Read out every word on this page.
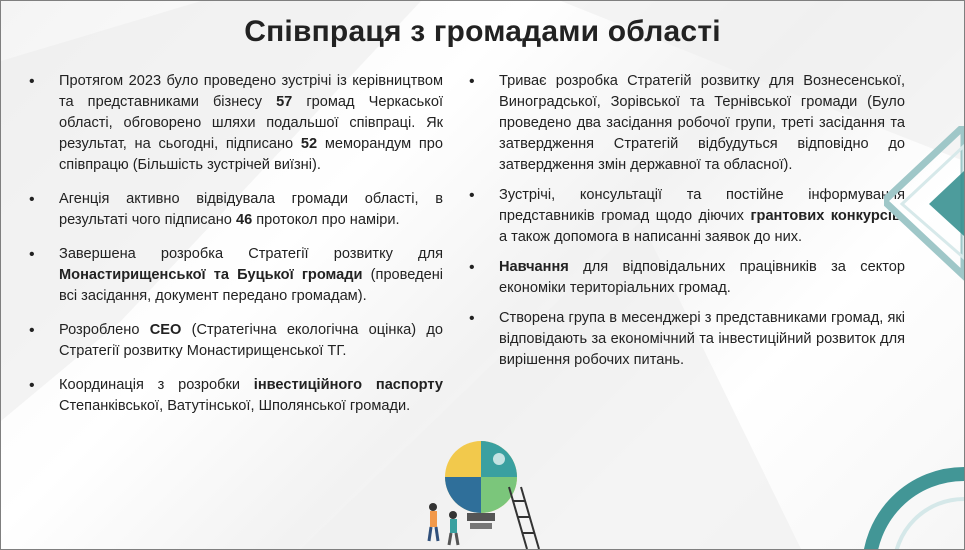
Співпраця з громадами області
• Протягом 2023 було проведено зустрічі із керівництвом та представниками бізнесу 57 громад Черкаської області, обговорено шляхи подальшої співпраці. Як результат, на сьогодні, підписано 52 меморандум про співпрацю (Більшість зустрічей виїзні).
• Агенція активно відвідувала громади області, в результаті чого підписано 46 протокол про наміри.
• Завершена розробка Стратегії розвитку для Монастирищенської та Буцької громади (проведені всі засідання, документ передано громадам).
• Розроблено СЕО (Стратегічна екологічна оцінка) до Стратегії розвитку Монастирищенської ТГ.
• Координація з розробки інвестиційного паспорту Степанківської, Ватутінської, Шполянської громади.
• Триває розробка Стратегій розвитку для Вознесенської, Виноградської, Зорівської та Тернівської громади (Було проведено два засідання робочої групи, треті засідання та затвердження Стратегій відбудуться відповідно до затвердження змін державної та обласної).
• Зустрічі, консультації та постійне інформування представників громад щодо діючих грантових конкурсів, а також допомога в написанні заявок до них.
• Навчання для відповідальних працівників за сектор економіки територіальних громад.
• Створена група в месенджері з представниками громад, які відповідають за економічний та інвестиційний розвиток для вирішення робочих питань.
